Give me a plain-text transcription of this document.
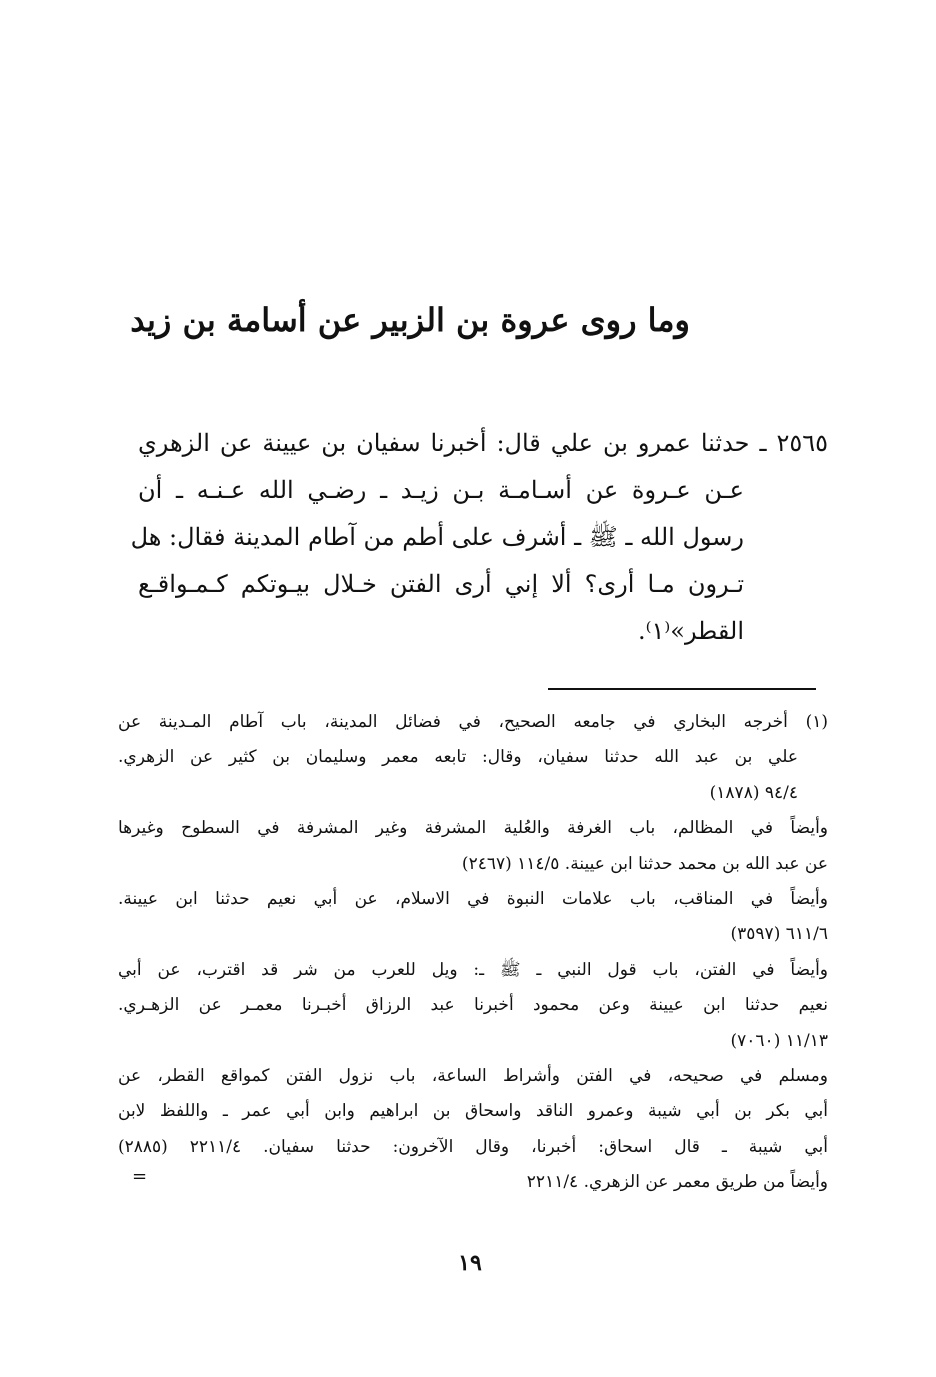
وما روى عروة بن الزبير عن أسامة بن زيد
٢٥٦٥ ـ حدثنا عمرو بن علي قال: أخبرنا سفيان بن عيينة عن الزهري
عـن عـروة عن أسـامـة بـن زيـد ـ رضـي الله عـنـه ـ أن
رسول الله ـ ﷺ ـ أشرف على أطم من آطام المدينة فقال: هل
تـرون مـا أرى؟ ألا إني أرى الفتن خـلال بيـوتكم كـمـواقـع
القطر»⁽١⁾.
(١) أخرجه البخاري في جامعه الصحيح، في فضائل المدينة، باب آطام المـدينة عن
علي بن عبد الله حدثنا سفيان، وقال: تابعه معمر وسليمان بن كثير عن الزهري.
٩٤/٤ (١٨٧٨)
وأيضاً في المظالم، باب الغرفة والعُلية المشرفة وغير المشرفة في السطوح وغيرها
عن عبد الله بن محمد حدثنا ابن عيينة. ١١٤/٥ (٢٤٦٧)
وأيضاً في المناقب، باب علامات النبوة في الاسلام، عن أبي نعيم حدثنا ابن عيينة.
٦١١/٦ (٣٥٩٧)
وأيضاً في الفتن، باب قول النبي ـ ﷺ ـ: ويل للعرب من شر قد اقترب، عن أبي
نعيم حدثنا ابن عيينة وعن محمود أخبرنا عبد الرزاق أخبـرنا معمـر عن الزهـري.
١١/١٣ (٧٠٦٠)
ومسلم في صحيحه، في الفتن وأشراط الساعة، باب نزول الفتن كمواقع القطر، عن
أبي بكر بن أبي شيبة وعمرو الناقد واسحاق بن ابراهيم وابن أبي عمر ـ واللفظ لابن
أبي شيبة ـ قال اسحاق: أخبرنا، وقال الآخرون: حدثنا سفيان. ٢٢١١/٤ (٢٨٨٥)
وأيضاً من طريق معمر عن الزهري. ٢٢١١/٤
=
١٩
